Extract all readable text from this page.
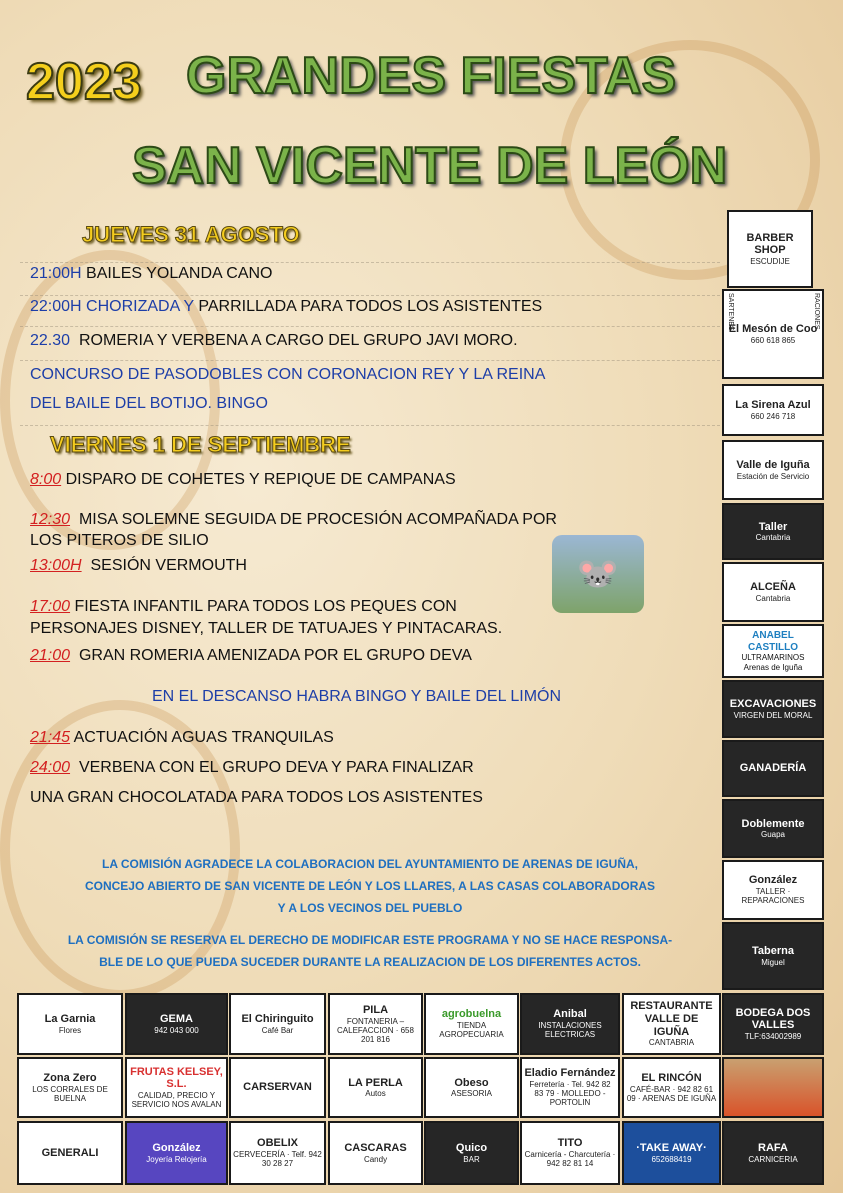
2023 GRANDES FIESTAS
SAN VICENTE DE LEÓN
JUEVES 31 AGOSTO
21:00H BAILES YOLANDA CANO
22:00H CHORIZADA Y PARRILLADA PARA TODOS LOS ASISTENTES
22.30 ROMERIA Y VERBENA A CARGO DEL GRUPO JAVI MORO.
CONCURSO DE PASODOBLES CON CORONACION REY Y LA REINA
DEL BAILE DEL BOTIJO. BINGO
VIERNES 1 DE SEPTIEMBRE
8:00 DISPARO DE COHETES Y REPIQUE DE CAMPANAS
12:30 MISA SOLEMNE SEGUIDA DE PROCESIÓN ACOMPAÑADA POR
LOS PITEROS DE SILIO
13:00H SESIÓN VERMOUTH	🐭
17:00 FIESTA INFANTIL PARA TODOS LOS PEQUES CON
PERSONAJES DISNEY, TALLER DE TATUAJES Y PINTACARAS.
21:00 GRAN ROMERIA AMENIZADA POR EL GRUPO DEVA
EN EL DESCANSO HABRA BINGO Y BAILE DEL LIMÓN
21:45 ACTUACIÓN AGUAS TRANQUILAS
24:00 VERBENA CON EL GRUPO DEVA Y PARA FINALIZAR
UNA GRAN CHOCOLATADA PARA TODOS LOS ASISTENTES
LA COMISIÓN AGRADECE LA COLABORACION DEL AYUNTAMIENTO DE ARENAS DE IGUÑA,
CONCEJO ABIERTO DE SAN VICENTE DE LEÓN Y LOS LLARES, A LAS CASAS COLABORADORAS
Y A LOS VECINOS DEL PUEBLO
LA COMISIÓN SE RESERVA EL DERECHO DE MODIFICAR ESTE PROGRAMA Y NO SE HACE RESPONSA-
BLE DE LO QUE PUEDA SUCEDER DURANTE LA REALIZACION DE LOS DIFERENTES ACTOS.
BARBER SHOP
ESCUDIJE
El Mesón de Coo
660 618 865
SARTENES	RACIONES
La Sirena Azul
660 246 718
Valle de Iguña
Estación de Servicio
Taller
Cantabria
ALCEÑA
Cantabria
ANABEL CASTILLO
ULTRAMARINOS
Arenas de Iguña
EXCAVACIONES
VIRGEN DEL MORAL
GANADERÍA
Doblemente
Guapa
González
TALLER · REPARACIONES
Taberna
Miguel
La Garnia
Flores
GEMA
942 043 000
El Chiringuito
Café Bar
PILA
FONTANERIA – CALEFACCION · 658 201 816
agrobuelna
TIENDA AGROPECUARIA
Anibal
INSTALACIONES ELECTRICAS
RESTAURANTE VALLE DE IGUÑA
CANTABRIA
BODEGA DOS VALLES
TLF:634002989
Zona Zero
LOS CORRALES DE BUELNA
FRUTAS KELSEY, S.L.
CALIDAD, PRECIO Y SERVICIO NOS AVALAN
CARSERVAN	LA PERLA
Autos
Obeso
ASESORIA
Eladio Fernández
Ferretería · Tel. 942 82 83 79 · MOLLEDO - PORTOLIN
EL RINCÓN
CAFÉ-BAR · 942 82 61 09 · ARENAS DE IGUÑA
GENERALI	González
Joyería Relojería
OBELIX
CERVECERÍA · Telf. 942 30 28 27
CASCARAS
Candy
Quico
BAR
TITO
Carnicería - Charcutería · 942 82 81 14
·TAKE AWAY·
652688419
RAFA
CARNICERIA
